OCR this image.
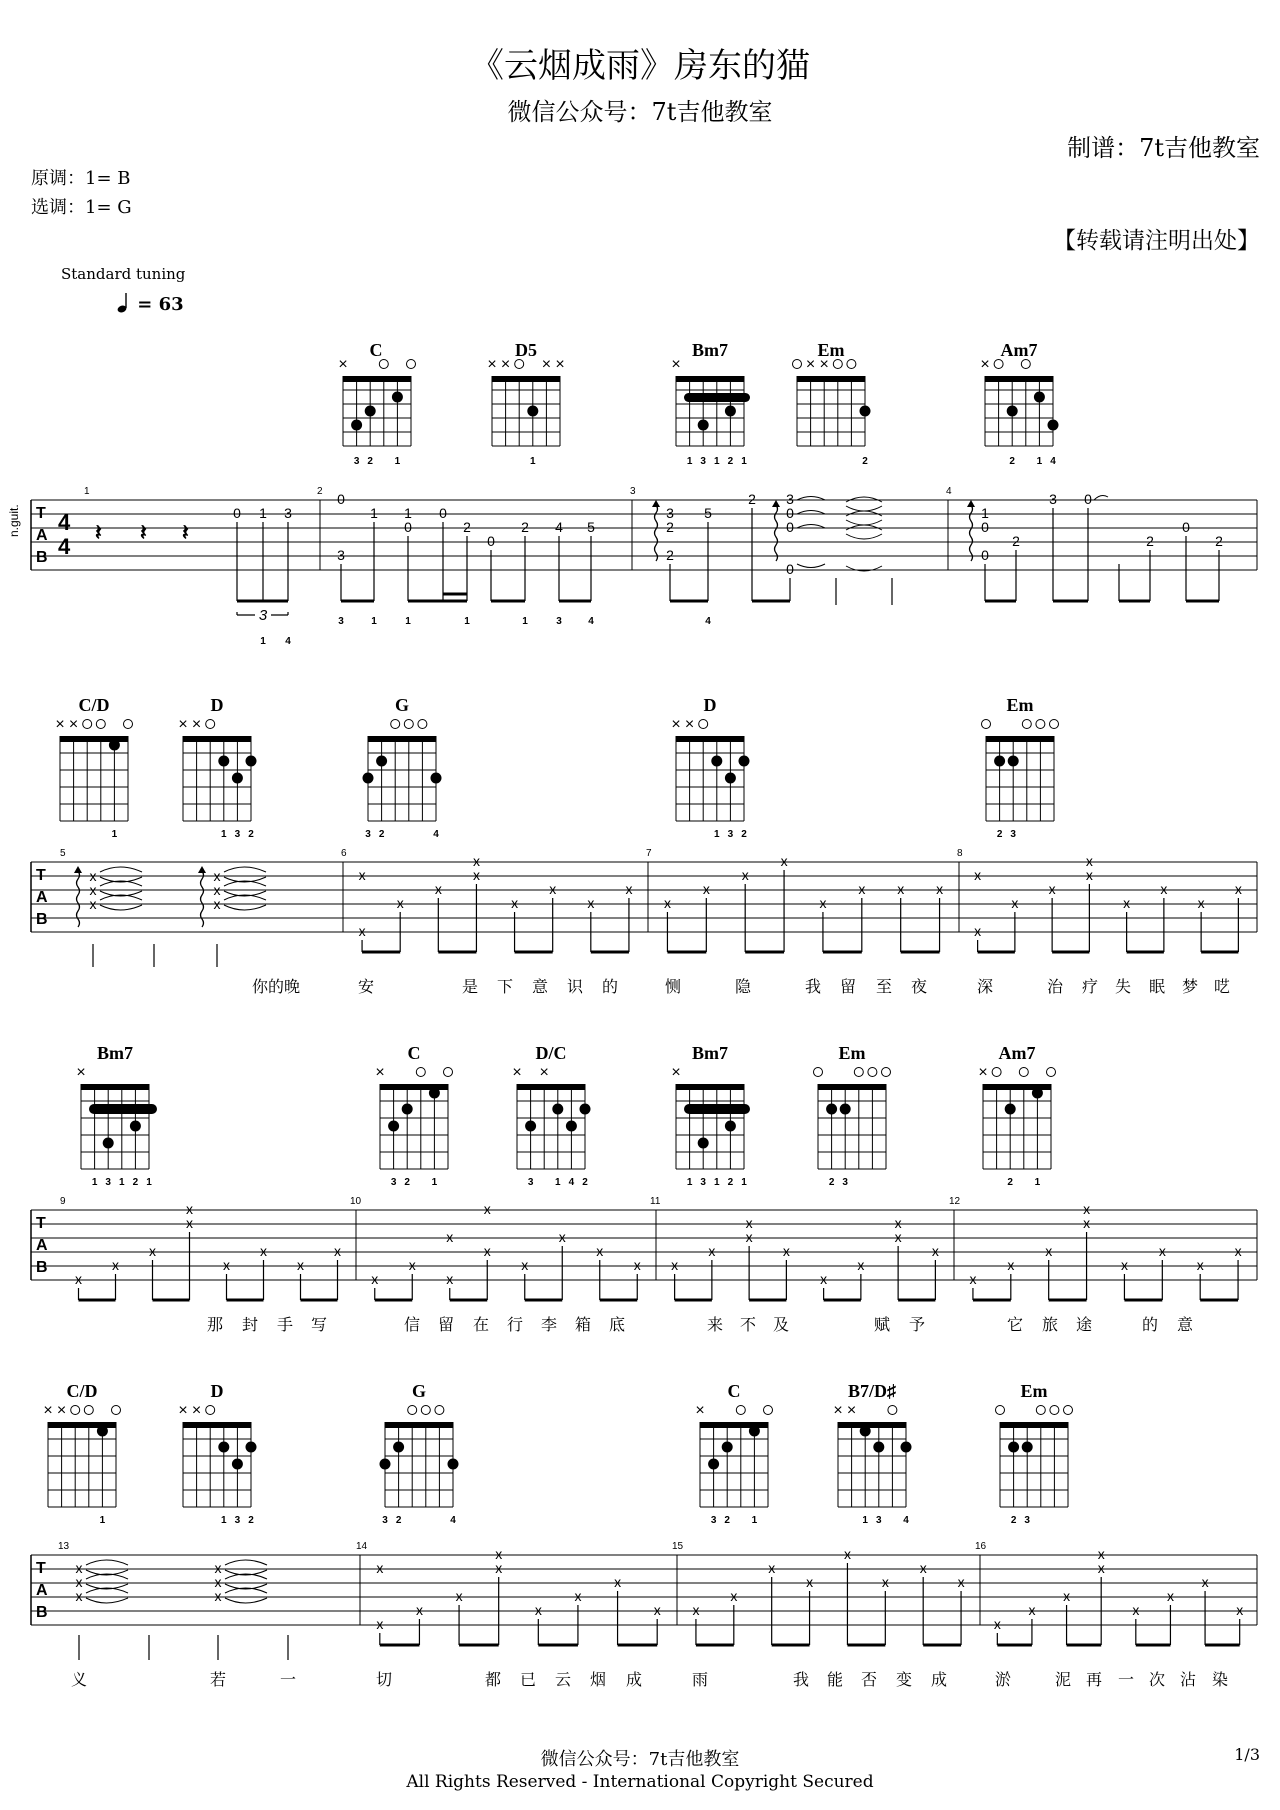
《云烟成雨》房东的猫
微信公众号：7t吉他教室
制谱：7t吉他教室
原调：1= B
选调：1= G
【转载请注明出处】
Standard tuning
= 63
C
×
3 2 1
D5
× × × ×
1
Bm7
×
1 3 1 2 1
Em
× ×
2
Am7
×
2 1 4
n.guit. T
A
B
4
4
1	2	3	4
𝄽 𝄽 𝄽
0 1 3
3
1 4
0
3
1 1
0
0
2
0
2 4 5
3	1	1	1	1	3	4
3
2
2
5
2 3
0
0
0
4
1
0
0
2
3 0
2
0
2
C/D
× ×
1
D
× ×
1 3 2
G
3 2	4
D
× ×
1 3 2
Em
2 3
T
A
B
5	6	7	8
x
x
x
x
x
x
你的晚	安	是 下 意 识 的	恻	隐	我 留 至 夜	深	治 疗 失 眠 梦 呓
Bm7
×
1 3 1 2 1
C
×
3 2 1
D/C
× ×
3 1 4 2
Bm7
×
1 3 1 2 1
Em
2 3
Am7
×
2 1
T
A
B
9	10	11	12
那 封 手 写	信 留 在 行 李 箱 底	来 不 及	赋 予	它 旅 途	的 意
C/D
× ×
1
D
× ×
1 3 2
G
3 2	4
C
×
3 2 1
B7/D♯
× ×
1 3 4
Em
2 3
T
A
B
13	14	15	16
x
x
x
x
x
x
义	若	一	切	都 已 云 烟 成	雨	我 能 否 变 成	淤	泥 再 一 次 沾 染
x
x
x
x
x
x
x
x
x
x
x
x
x
x
x
x x x
x
x
x
x
x
x
x
x
x
x
x
x
x
x
x
x
x
x
x
x
x
x
x
x
x
x
x
x
x x
x
x
x
x
x
x
x
x
x
x
x
x
x
x
x
x
x
x
x
x
x
x
x
x
x
x
x
x x
x
x
x
x
x
x
x
x
x
x
x
x
x
x
x
x
微信公众号：7t吉他教室
All Rights Reserved - International Copyright Secured
1/3
